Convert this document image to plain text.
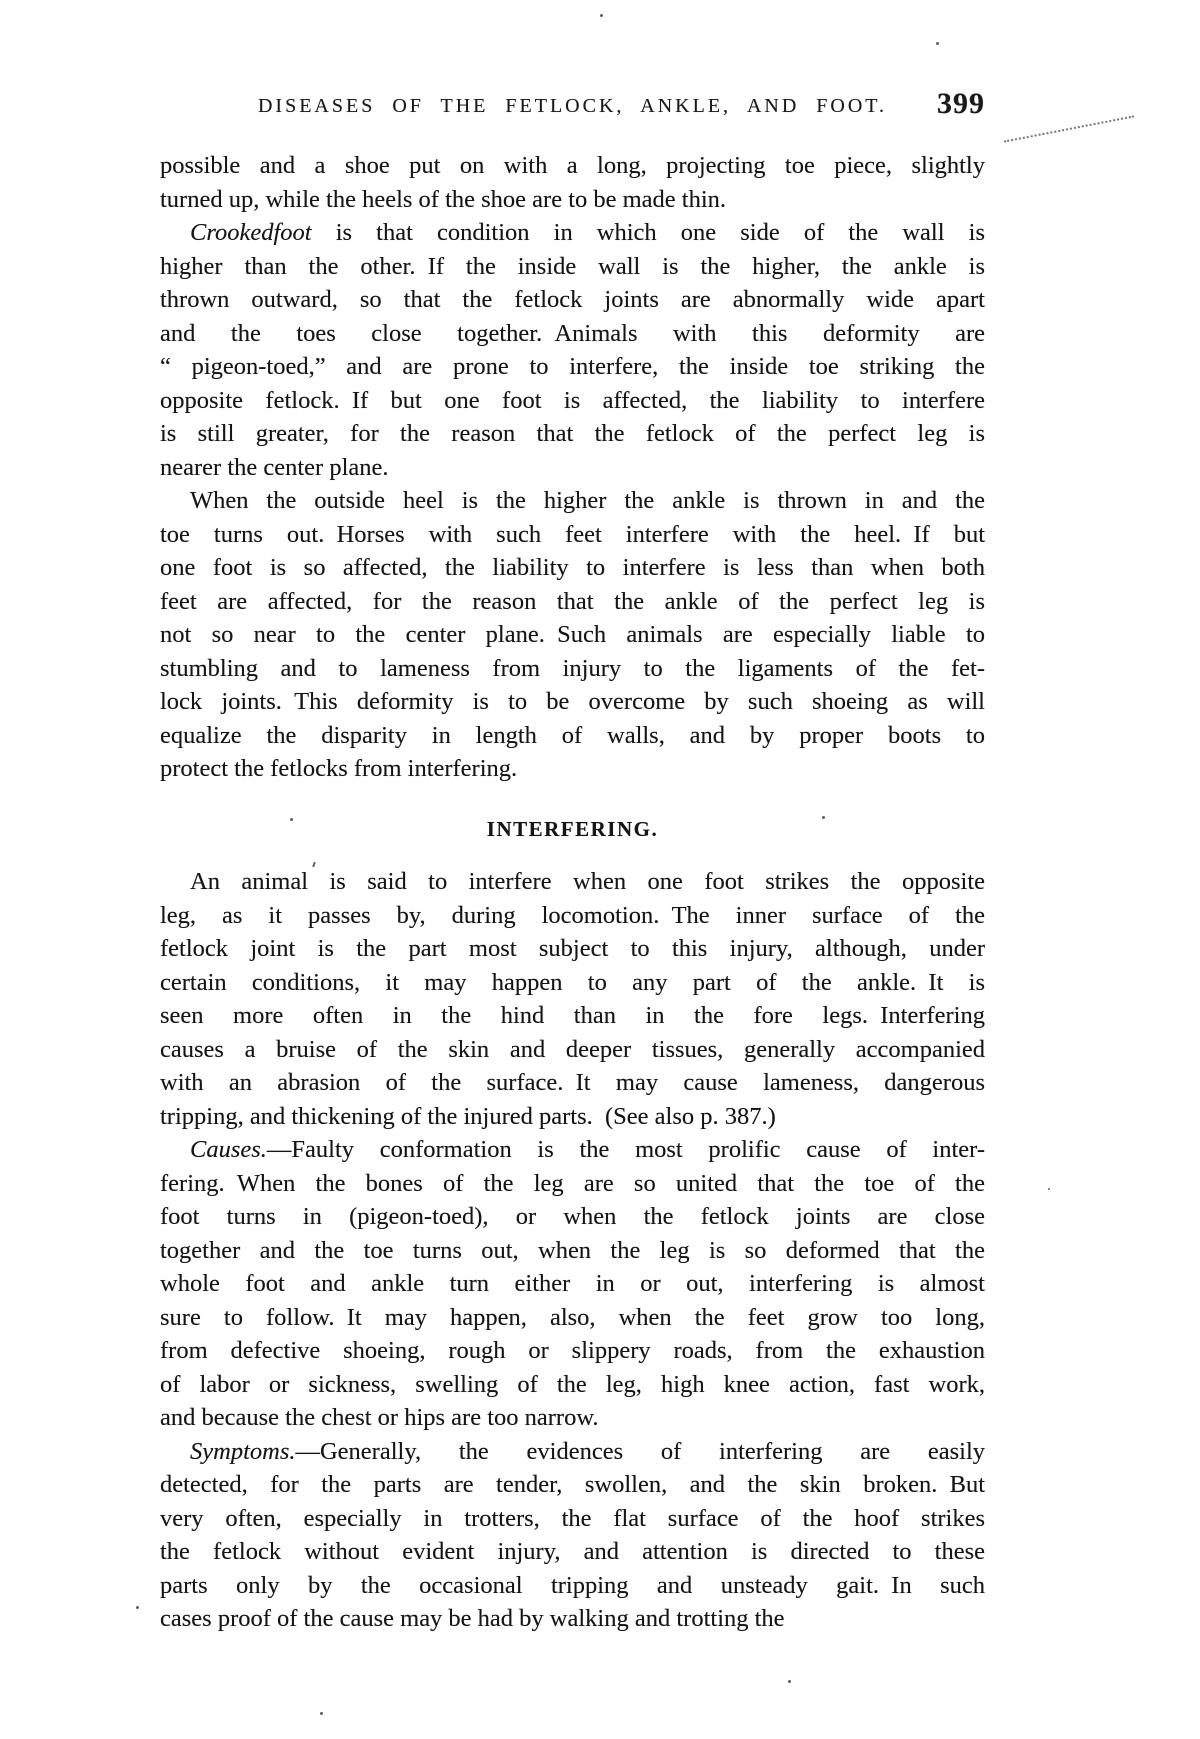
DISEASES OF THE FETLOCK, ANKLE, AND FOOT. 399
possible and a shoe put on with a long, projecting toe piece, slightly
turned up, while the heels of the shoe are to be made thin.
Crookedfoot is that condition in which one side of the wall is
higher than the other. If the inside wall is the higher, the ankle is
thrown outward, so that the fetlock joints are abnormally wide apart
and the toes close together. Animals with this deformity are
“ pigeon-toed,” and are prone to interfere, the inside toe striking the
opposite fetlock. If but one foot is affected, the liability to interfere
is still greater, for the reason that the fetlock of the perfect leg is
nearer the center plane.
When the outside heel is the higher the ankle is thrown in and the
toe turns out. Horses with such feet interfere with the heel. If but
one foot is so affected, the liability to interfere is less than when both
feet are affected, for the reason that the ankle of the perfect leg is
not so near to the center plane. Such animals are especially liable to
stumbling and to lameness from injury to the ligaments of the fet-
lock joints. This deformity is to be overcome by such shoeing as will
equalize the disparity in length of walls, and by proper boots to
protect the fetlocks from interfering.
INTERFERING.
An animal is said to interfere when one foot strikes the opposite
leg, as it passes by, during locomotion. The inner surface of the
fetlock joint is the part most subject to this injury, although, under
certain conditions, it may happen to any part of the ankle. It is
seen more often in the hind than in the fore legs. Interfering
causes a bruise of the skin and deeper tissues, generally accompanied
with an abrasion of the surface. It may cause lameness, dangerous
tripping, and thickening of the injured parts. (See also p. 387.)
Causes.—Faulty conformation is the most prolific cause of inter-
fering. When the bones of the leg are so united that the toe of the
foot turns in (pigeon-toed), or when the fetlock joints are close
together and the toe turns out, when the leg is so deformed that the
whole foot and ankle turn either in or out, interfering is almost
sure to follow. It may happen, also, when the feet grow too long,
from defective shoeing, rough or slippery roads, from the exhaustion
of labor or sickness, swelling of the leg, high knee action, fast work,
and because the chest or hips are too narrow.
Symptoms.—Generally, the evidences of interfering are easily
detected, for the parts are tender, swollen, and the skin broken. But
very often, especially in trotters, the flat surface of the hoof strikes
the fetlock without evident injury, and attention is directed to these
parts only by the occasional tripping and unsteady gait. In such
cases proof of the cause may be had by walking and trotting the
